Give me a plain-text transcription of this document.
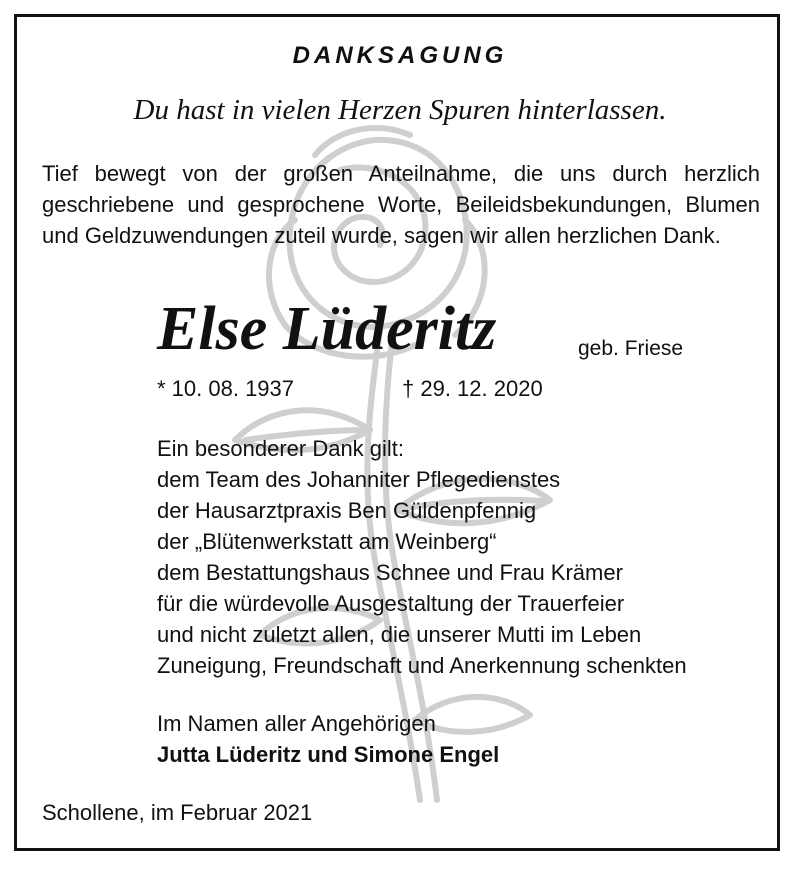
DANKSAGUNG
Du hast in vielen Herzen Spuren hinterlassen.
Tief bewegt von der großen Anteilnahme, die uns durch herzlich geschriebene und gesprochene Worte, Beileidsbekundungen, Blumen und Geldzuwendungen zuteil wurde, sagen wir allen herzlichen Dank.
Else Lüderitz	geb. Friese
* 10. 08. 1937	† 29. 12. 2020
Ein besonderer Dank gilt:
dem Team des Johanniter Pflegedienstes
der Hausarztpraxis Ben Güldenpfennig
der „Blütenwerkstatt am Weinberg“
dem Bestattungshaus Schnee und Frau Krämer
für die würdevolle Ausgestaltung der Trauerfeier
und nicht zuletzt allen, die unserer Mutti im Leben
Zuneigung, Freundschaft und Anerkennung schenkten
Im Namen aller Angehörigen
Jutta Lüderitz und Simone Engel
Schollene, im Februar 2021
